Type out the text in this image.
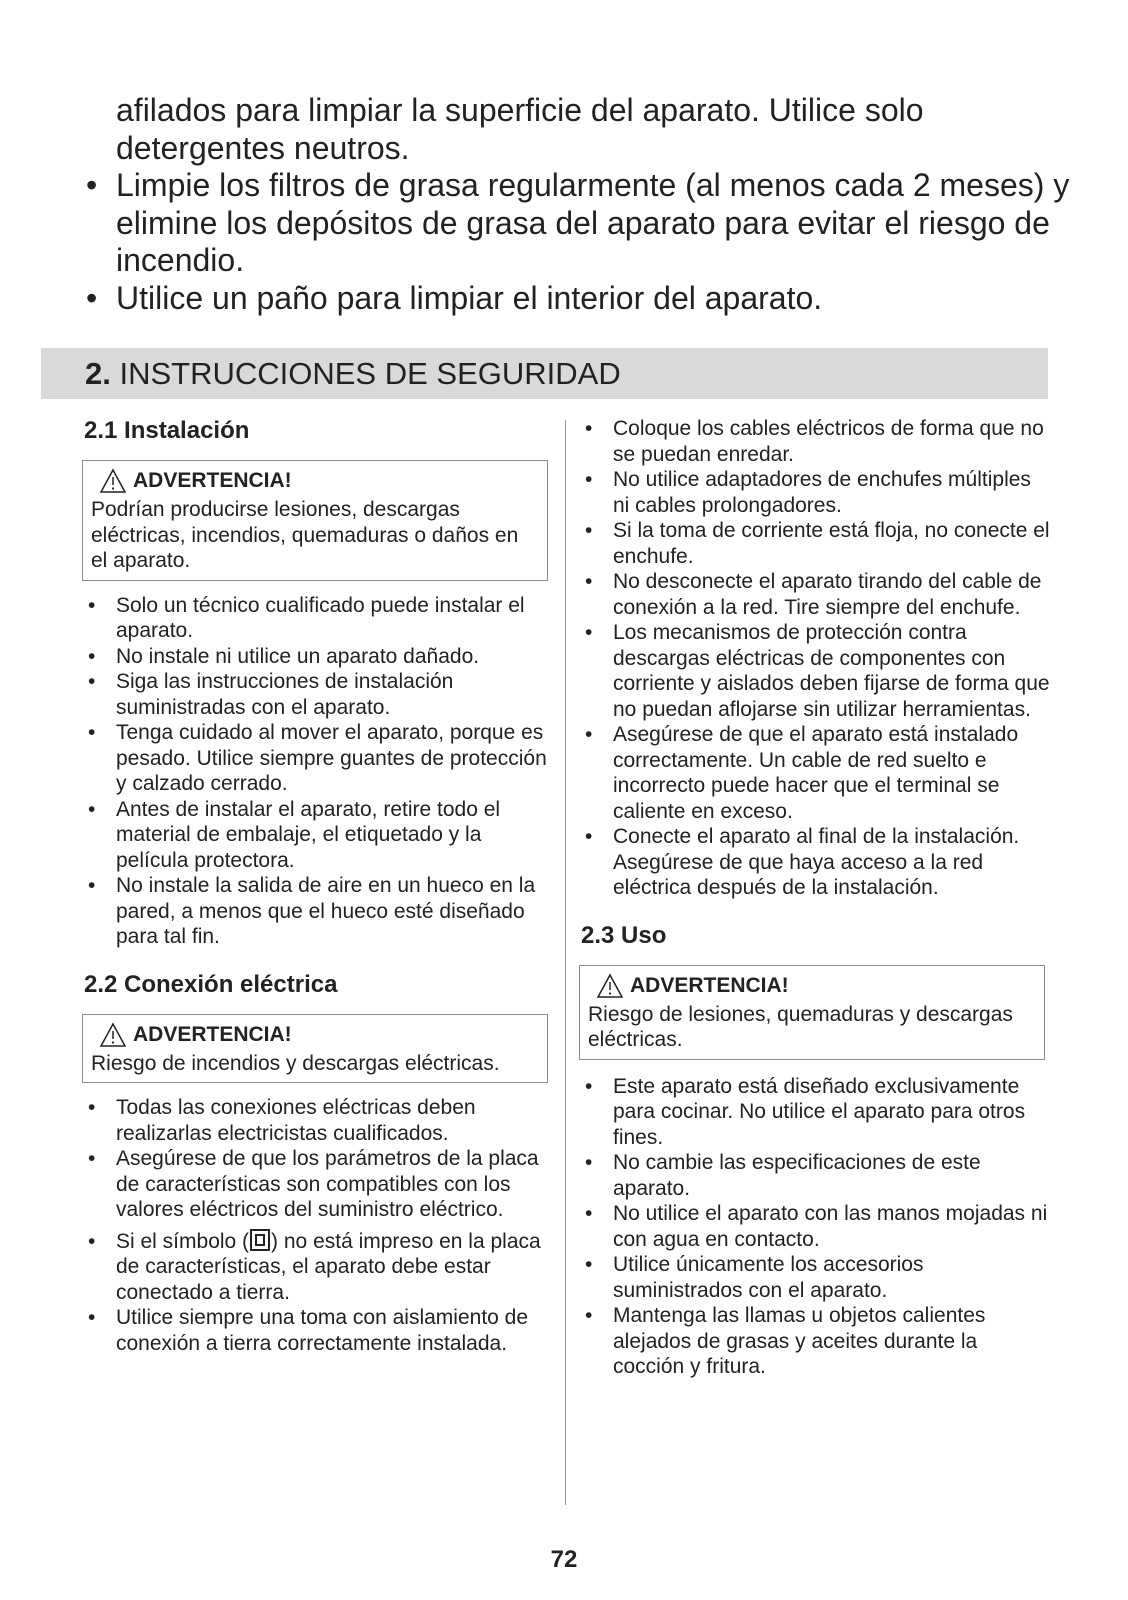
afilados para limpiar la superficie del aparato. Utilice solo detergentes neutros.

• Limpie los filtros de grasa regularmente (al menos cada 2 meses) y elimine los depósitos de grasa del aparato para evitar el riesgo de incendio.
• Utilice un paño para limpiar el interior del aparato.
2. INSTRUCCIONES DE SEGURIDAD
2.1 Instalación
ADVERTENCIA!
Podrían producirse lesiones, descargas eléctricas, incendios, quemaduras o daños en el aparato.
• Solo un técnico cualificado puede instalar el aparato.
• No instale ni utilice un aparato dañado.
• Siga las instrucciones de instalación suministradas con el aparato.
• Tenga cuidado al mover el aparato, porque es pesado. Utilice siempre guantes de protección y calzado cerrado.
• Antes de instalar el aparato, retire todo el material de embalaje, el etiquetado y la película protectora.
• No instale la salida de aire en un hueco en la pared, a menos que el hueco esté diseñado para tal fin.
2.2 Conexión eléctrica
ADVERTENCIA!
Riesgo de incendios y descargas eléctricas.
• Todas las conexiones eléctricas deben realizarlas electricistas cualificados.
• Asegúrese de que los parámetros de la placa de características son compatibles con los valores eléctricos del suministro eléctrico.
• Si el símbolo ( ) no está impreso en la placa de características, el aparato debe estar conectado a tierra.
• Utilice siempre una toma con aislamiento de conexión a tierra correctamente instalada.
• Coloque los cables eléctricos de forma que no se puedan enredar.
• No utilice adaptadores de enchufes múltiples ni cables prolongadores.
• Si la toma de corriente está floja, no conecte el enchufe.
• No desconecte el aparato tirando del cable de conexión a la red. Tire siempre del enchufe.
• Los mecanismos de protección contra descargas eléctricas de componentes con corriente y aislados deben fijarse de forma que no puedan aflojarse sin utilizar herramientas.
• Asegúrese de que el aparato está instalado correctamente. Un cable de red suelto e incorrecto puede hacer que el terminal se caliente en exceso.
• Conecte el aparato al final de la instalación. Asegúrese de que haya acceso a la red eléctrica después de la instalación.
2.3 Uso
ADVERTENCIA!
Riesgo de lesiones, quemaduras y descargas eléctricas.
• Este aparato está diseñado exclusivamente para cocinar. No utilice el aparato para otros fines.
• No cambie las especificaciones de este aparato.
• No utilice el aparato con las manos mojadas ni con agua en contacto.
• Utilice únicamente los accesorios suministrados con el aparato.
• Mantenga las llamas u objetos calientes alejados de grasas y aceites durante la cocción y fritura.
72
